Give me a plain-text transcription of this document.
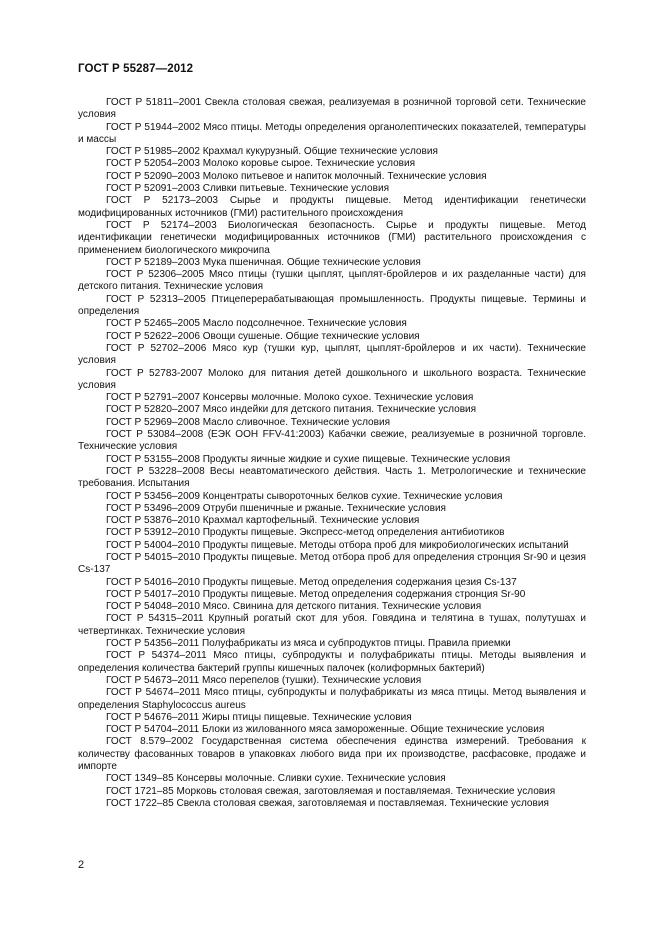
ГОСТ Р 55287—2012
ГОСТ Р 51811–2001 Свекла столовая свежая, реализуемая в розничной торговой сети. Технические условия
ГОСТ Р 51944–2002 Мясо птицы. Методы определения органолептических показателей, температуры и массы
ГОСТ Р 51985–2002 Крахмал кукурузный. Общие технические условия
ГОСТ Р 52054–2003 Молоко коровье сырое. Технические условия
ГОСТ Р 52090–2003 Молоко питьевое и напиток молочный. Технические условия
ГОСТ Р 52091–2003 Сливки питьевые. Технические условия
ГОСТ Р 52173–2003 Сырье и продукты пищевые. Метод идентификации генетически модифицированных источников (ГМИ) растительного происхождения
ГОСТ Р 52174–2003 Биологическая безопасность. Сырье и продукты пищевые. Метод идентификации генетически модифицированных источников (ГМИ) растительного происхождения с применением биологического микрочипа
ГОСТ Р 52189–2003 Мука пшеничная. Общие технические условия
ГОСТ Р 52306–2005 Мясо птицы (тушки цыплят, цыплят-бройлеров и их разделанные части) для детского питания. Технические условия
ГОСТ Р 52313–2005 Птицеперерабатывающая промышленность. Продукты пищевые. Термины и определения
ГОСТ Р 52465–2005 Масло подсолнечное. Технические условия
ГОСТ Р 52622–2006 Овощи сушеные. Общие технические условия
ГОСТ Р 52702–2006 Мясо кур (тушки кур, цыплят, цыплят-бройлеров и их части). Технические условия
ГОСТ Р 52783-2007 Молоко для питания детей дошкольного и школьного возраста. Технические условия
ГОСТ Р 52791–2007 Консервы молочные. Молоко сухое. Технические условия
ГОСТ Р 52820–2007 Мясо индейки для детского питания. Технические условия
ГОСТ Р 52969–2008 Масло сливочное. Технические условия
ГОСТ Р 53084–2008 (ЕЭК ООН FFV-41:2003) Кабачки свежие, реализуемые в розничной торговле. Технические условия
ГОСТ Р 53155–2008 Продукты яичные жидкие и сухие пищевые. Технические условия
ГОСТ Р 53228–2008 Весы неавтоматического действия. Часть 1. Метрологические и технические требования. Испытания
ГОСТ Р 53456–2009 Концентраты сывороточных белков сухие. Технические условия
ГОСТ Р 53496–2009 Отруби пшеничные и ржаные. Технические условия
ГОСТ Р 53876–2010 Крахмал картофельный. Технические условия
ГОСТ Р 53912–2010 Продукты пищевые. Экспресс-метод определения антибиотиков
ГОСТ Р 54004–2010 Продукты пищевые. Методы отбора проб для микробиологических испытаний
ГОСТ Р 54015–2010 Продукты пищевые. Метод отбора проб для определения стронция Sr-90 и цезия Cs-137
ГОСТ Р 54016–2010 Продукты пищевые. Метод определения содержания цезия Cs-137
ГОСТ Р 54017–2010 Продукты пищевые. Метод определения содержания стронция Sr-90
ГОСТ Р 54048–2010 Мясо. Свинина для детского питания. Технические условия
ГОСТ Р 54315–2011 Крупный рогатый скот для убоя. Говядина и телятина в тушах, полутушах и четвертинках. Технические условия
ГОСТ Р 54356–2011 Полуфабрикаты из мяса и субпродуктов птицы. Правила приемки
ГОСТ Р 54374–2011 Мясо птицы, субпродукты и полуфабрикаты птицы. Методы выявления и определения количества бактерий группы кишечных палочек (колиформных бактерий)
ГОСТ Р 54673–2011 Мясо перепелов (тушки). Технические условия
ГОСТ Р 54674–2011 Мясо птицы, субпродукты и полуфабрикаты из мяса птицы. Метод выявления и определения Staphylococcus aureus
ГОСТ Р 54676–2011 Жиры птицы пищевые. Технические условия
ГОСТ Р 54704–2011 Блоки из жилованного мяса замороженные. Общие технические условия
ГОСТ 8.579–2002 Государственная система обеспечения единства измерений. Требования к количеству фасованных товаров в упаковках любого вида при их производстве, расфасовке, продаже и импорте
ГОСТ 1349–85 Консервы молочные. Сливки сухие. Технические условия
ГОСТ 1721–85 Морковь столовая свежая, заготовляемая и поставляемая. Технические условия
ГОСТ 1722–85 Свекла столовая свежая, заготовляемая и поставляемая. Технические условия
2
